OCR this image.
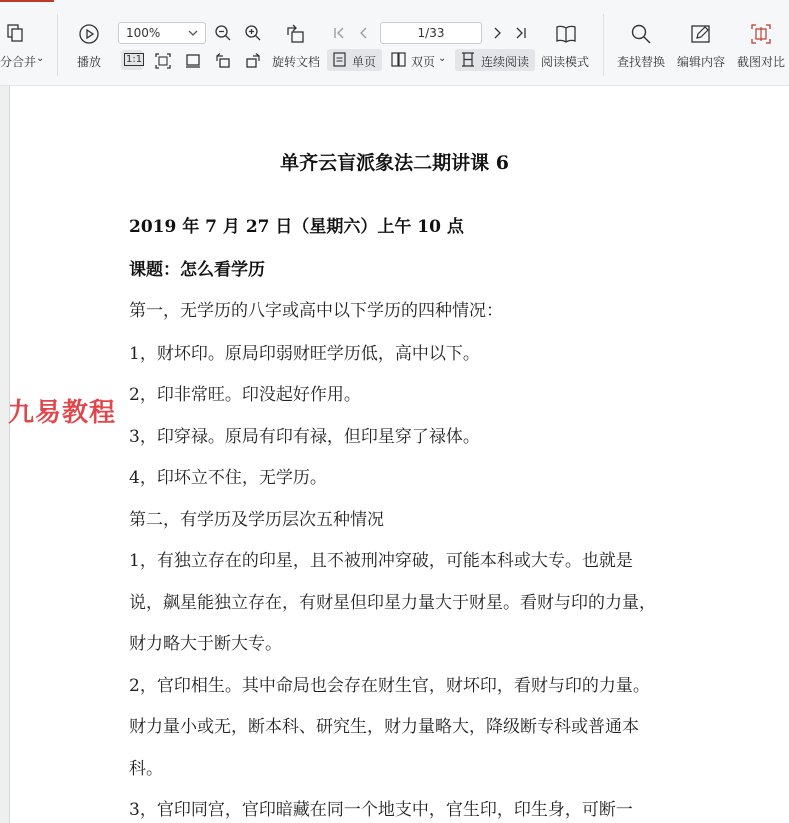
分合并 ⌄	播放
100%
1:1	旋转文档	单页	双页 ⌄	连续阅读
1/33
阅读模式 查找替换 编辑内容 截图对比
单齐云盲派象法二期讲课 6
2019 年 7 月 27 日（星期六）上午 10 点
课题：怎么看学历
第一，无学历的八字或高中以下学历的四种情况：
1，财坏印。原局印弱财旺学历低，高中以下。
2，印非常旺。印没起好作用。
3，印穿禄。原局有印有禄，但印星穿了禄体。
4，印坏立不住，无学历。
第二，有学历及学历层次五种情况
1，有独立存在的印星，且不被刑冲穿破，可能本科或大专。也就是
说，飙星能独立存在，有财星但印星力量大于财星。看财与印的力量，
财力略大于断大专。
2，官印相生。其中命局也会存在财生官，财坏印，看财与印的力量。
财力量小或无，断本科、研究生，财力量略大，降级断专科或普通本
科。
3，官印同宫，官印暗藏在同一个地支中，官生印，印生身，可断一
九易教程
